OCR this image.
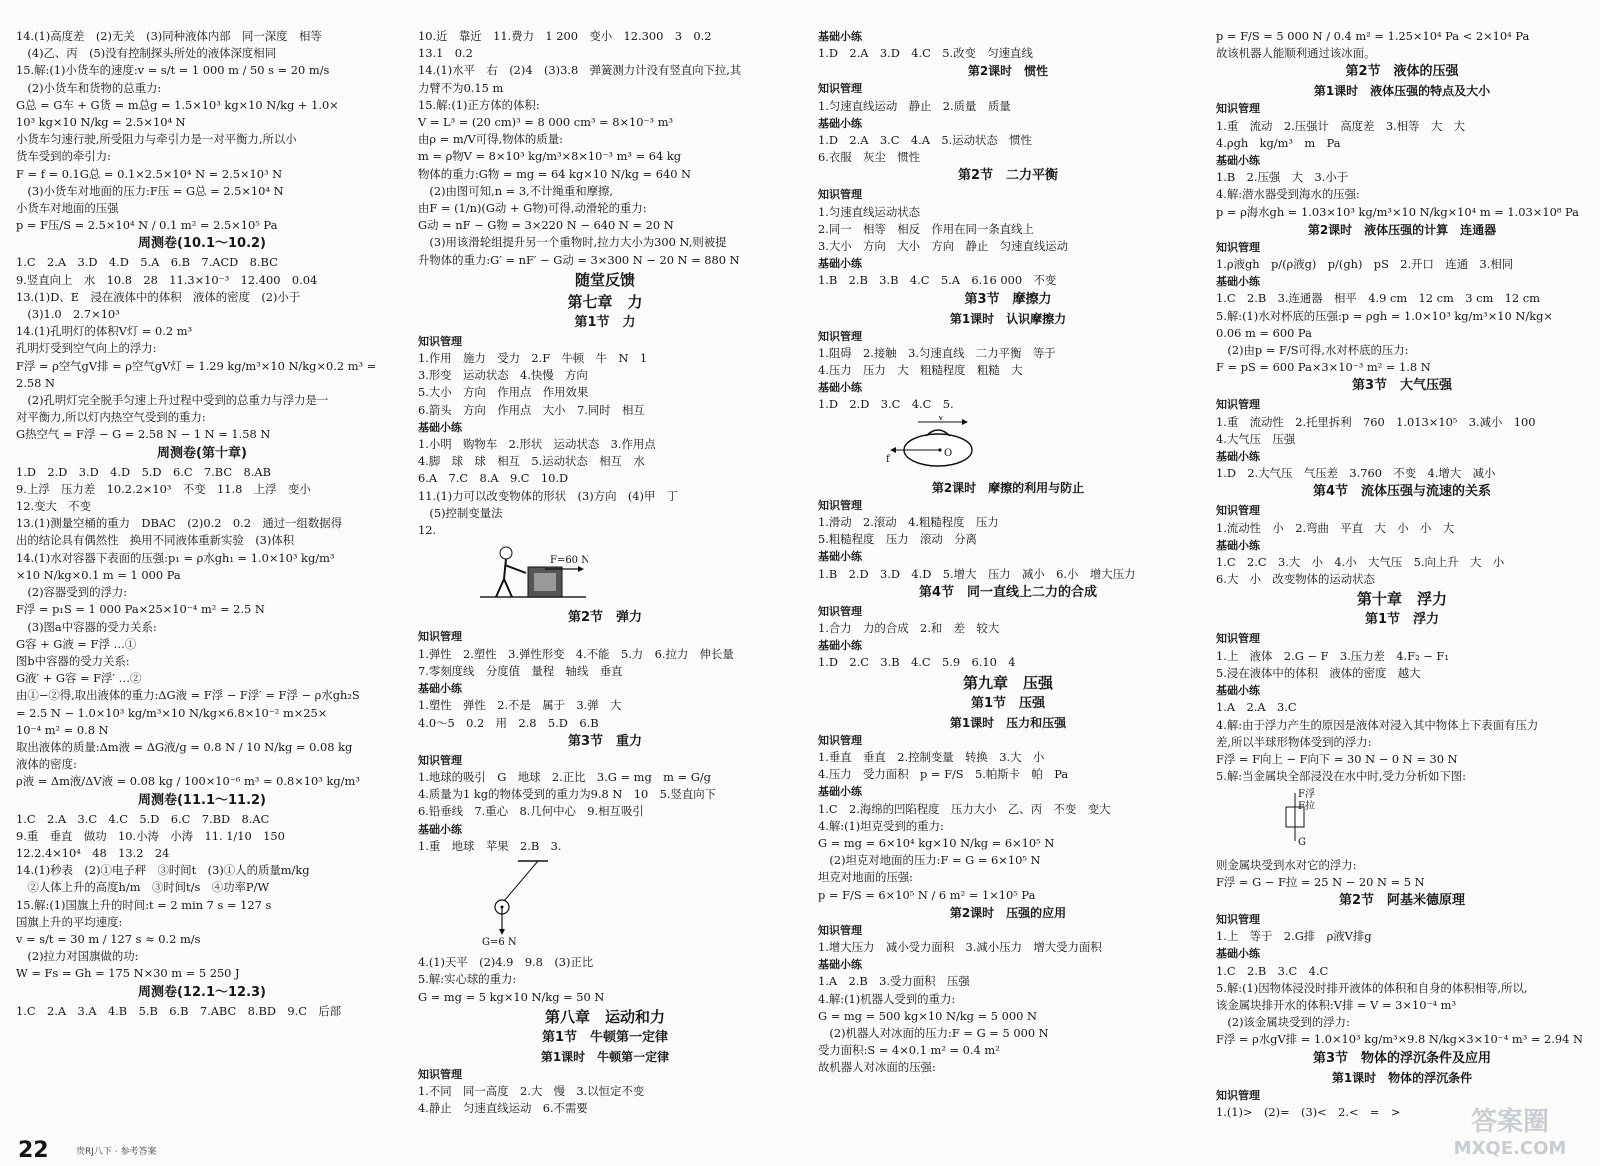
14.(1)高度差　(2)无关　(3)同种液体内部　同一深度　相等
　(4)乙、丙　(5)没有控制探头所处的液体深度相同
15.解:(1)小货车的速度:v = s/t = 1 000 m / 50 s = 20 m/s
　(2)小货车和货物的总重力:
G总 = G车 + G货 = m总g = 1.5×10³ kg×10 N/kg + 1.0×
10³ kg×10 N/kg = 2.5×10⁴ N
小货车匀速行驶,所受阻力与牵引力是一对平衡力,所以小
货车受到的牵引力:
F = f = 0.1G总 = 0.1×2.5×10⁴ N = 2.5×10³ N
　(3)小货车对地面的压力:F压 = G总 = 2.5×10⁴ N
小货车对地面的压强
p = F压/S = 2.5×10⁴ N / 0.1 m² = 2.5×10⁵ Pa
周测卷(10.1～10.2)
1.C　2.A　3.D　4.D　5.A　6.B　7.ACD　8.BC
9.竖直向上　水　10.8　28　11.3×10⁻³　12.400　0.04
13.(1)D、E　浸在液体中的体积　液体的密度　(2)小于
　(3)1.0　2.7×10³
14.(1)孔明灯的体积V灯 = 0.2 m³
孔明灯受到空气向上的浮力:
F浮 = ρ空气gV排 = ρ空气gV灯 = 1.29 kg/m³×10 N/kg×0.2 m³ =
2.58 N
　(2)孔明灯完全脱手匀速上升过程中受到的总重力与浮力是一
对平衡力,所以灯内热空气受到的重力:
G热空气 = F浮 − G = 2.58 N − 1 N = 1.58 N
周测卷(第十章)
1.D　2.D　3.D　4.D　5.D　6.C　7.BC　8.AB
9.上浮　压力差　10.2.2×10³　不变　11.8　上浮　变小
12.变大　不变
13.(1)测量空桶的重力　DBAC　(2)0.2　0.2　通过一组数据得
出的结论具有偶然性　换用不同液体重新实验　(3)体积
14.(1)水对容器下表面的压强:p₁ = ρ水gh₁ = 1.0×10³ kg/m³
×10 N/kg×0.1 m = 1 000 Pa
　(2)容器受到的浮力:
F浮 = p₁S = 1 000 Pa×25×10⁻⁴ m² = 2.5 N
　(3)图a中容器的受力关系:
G容 + G液 = F浮 …①
图b中容器的受力关系:
G液′ + G容 = F浮′ …②
由①−②得,取出液体的重力:ΔG液 = F浮 − F浮′ = F浮 − ρ水gh₂S
= 2.5 N − 1.0×10³ kg/m³×10 N/kg×6.8×10⁻² m×25×
10⁻⁴ m² = 0.8 N
取出液体的质量:Δm液 = ΔG液/g = 0.8 N / 10 N/kg = 0.08 kg
液体的密度:
ρ液 = Δm液/ΔV液 = 0.08 kg / 100×10⁻⁶ m³ = 0.8×10³ kg/m³
周测卷(11.1～11.2)
1.C　2.A　3.C　4.C　5.D　6.C　7.BD　8.AC
9.重　垂直　做功　10.小涛　小涛　11. 1/10　150
12.2.4×10⁴　48　13.2　24
14.(1)秒表　(2)①电子秤　③时间t　(3)①人的质量m/kg
　②人体上升的高度h/m　③时间t/s　④功率P/W
15.解:(1)国旗上升的时间:t = 2 min 7 s = 127 s
国旗上升的平均速度:
v = s/t = 30 m / 127 s ≈ 0.2 m/s
　(2)拉力对国旗做的功:
W = Fs = Gh = 175 N×30 m = 5 250 J
周测卷(12.1～12.3)
1.C　2.A　3.A　4.B　5.B　6.B　7.ABC　8.BD　9.C　后部
10.近　靠近　11.费力　1 200　变小　12.300　3　0.2
13.1　0.2
14.(1)水平　右　(2)4　(3)3.8　弹簧测力计没有竖直向下拉,其
力臂不为0.15 m
15.解:(1)正方体的体积:
V = L³ = (20 cm)³ = 8 000 cm³ = 8×10⁻³ m³
由ρ = m/V可得,物体的质量:
m = ρ物V = 8×10³ kg/m³×8×10⁻³ m³ = 64 kg
物体的重力:G物 = mg = 64 kg×10 N/kg = 640 N
　(2)由图可知,n = 3,不计绳重和摩擦,
由F = (1/n)(G动 + G物)可得,动滑轮的重力:
G动 = nF − G物 = 3×220 N − 640 N = 20 N
　(3)用该滑轮组提升另一个重物时,拉力大小为300 N,则被提
升物体的重力:G′ = nF′ − G动 = 3×300 N − 20 N = 880 N
随堂反馈
第七章　力
第1节　力
知识管理
1.作用　施力　受力　2.F　牛顿　牛　N　1
3.形变　运动状态　4.快慢　方向
5.大小　方向　作用点　作用效果
6.箭头　方向　作用点　大小　7.同时　相互
基础小练
1.小明　购物车　2.形状　运动状态　3.作用点
4.脚　球　球　相互　5.运动状态　相互　水
6.A　7.C　8.A　9.C　10.D
11.(1)力可以改变物体的形状　(3)方向　(4)甲　丁
　(5)控制变量法
12.
F=60 N
第2节　弹力
知识管理
1.弹性　2.塑性　3.弹性形变　4.不能　5.力　6.拉力　伸长量
7.零刻度线　分度值　量程　轴线　垂直
基础小练
1.塑性　弹性　2.不是　属于　3.弹　大
4.0～5　0.2　用　2.8　5.D　6.B
第3节　重力
知识管理
1.地球的吸引　G　地球　2.正比　3.G = mg　m = G/g
4.质量为1 kg的物体受到的重力为9.8 N　10　5.竖直向下
6.铅垂线　7.重心　8.几何中心　9.相互吸引
基础小练
1.重　地球　苹果　2.B　3.
G=6 N
4.(1)天平　(2)4.9　9.8　(3)正比
5.解:实心球的重力:
G = mg = 5 kg×10 N/kg = 50 N
第八章　运动和力
第1节　牛顿第一定律
第1课时　牛顿第一定律
知识管理
1.不同　同一高度　2.大　慢　3.以恒定不变
4.静止　匀速直线运动　6.不需要
基础小练
1.D　2.A　3.D　4.C　5.改变　匀速直线
第2课时　惯性
知识管理
1.匀速直线运动　静止　2.质量　质量
基础小练
1.D　2.A　3.C　4.A　5.运动状态　惯性
6.衣服　灰尘　惯性
第2节　二力平衡
知识管理
1.匀速直线运动状态
2.同一　相等　相反　作用在同一条直线上
3.大小　方向　大小　方向　静止　匀速直线运动
基础小练
1.B　2.B　3.B　4.C　5.A　6.16 000　不变
第3节　摩擦力
第1课时　认识摩擦力
知识管理
1.阻碍　2.接触　3.匀速直线　二力平衡　等于
4.压力　压力　大　粗糙程度　粗糙　大
基础小练
1.D　2.D　3.C　4.C　5.
v
f
O
第2课时　摩擦的利用与防止
知识管理
1.滑动　2.滚动　4.粗糙程度　压力
5.粗糙程度　压力　滚动　分离
基础小练
1.B　2.D　3.D　4.D　5.增大　压力　减小　6.小　增大压力
第4节　同一直线上二力的合成
知识管理
1.合力　力的合成　2.和　差　较大
基础小练
1.D　2.C　3.B　4.C　5.9　6.10　4
第九章　压强
第1节　压强
第1课时　压力和压强
知识管理
1.垂直　垂直　2.控制变量　转换　3.大　小
4.压力　受力面积　p = F/S　5.帕斯卡　帕　Pa
基础小练
1.C　2.海绵的凹陷程度　压力大小　乙、丙　不变　变大
4.解:(1)坦克受到的重力:
G = mg = 6×10⁴ kg×10 N/kg = 6×10⁵ N
　(2)坦克对地面的压力:F = G = 6×10⁵ N
坦克对地面的压强:
p = F/S = 6×10⁵ N / 6 m² = 1×10⁵ Pa
第2课时　压强的应用
知识管理
1.增大压力　减小受力面积　3.减小压力　增大受力面积
基础小练
1.A　2.B　3.受力面积　压强
4.解:(1)机器人受到的重力:
G = mg = 500 kg×10 N/kg = 5 000 N
　(2)机器人对冰面的压力:F = G = 5 000 N
受力面积:S = 4×0.1 m² = 0.4 m²
故机器人对冰面的压强:
p = F/S = 5 000 N / 0.4 m² = 1.25×10⁴ Pa < 2×10⁴ Pa
故该机器人能顺利通过该冰面。
第2节　液体的压强
第1课时　液体压强的特点及大小
知识管理
1.重　流动　2.压强计　高度差　3.相等　大　大
4.ρgh　kg/m³　m　Pa
基础小练
1.B　2.压强　大　3.小于
4.解:潜水器受到海水的压强:
p = ρ海水gh = 1.03×10³ kg/m³×10 N/kg×10⁴ m = 1.03×10⁸ Pa
第2课时　液体压强的计算　连通器
知识管理
1.ρ液gh　p/(ρ液g)　p/(gh)　pS　2.开口　连通　3.相同
基础小练
1.C　2.B　3.连通器　相平　4.9 cm　12 cm　3 cm　12 cm
5.解:(1)水对杯底的压强:p = ρgh = 1.0×10³ kg/m³×10 N/kg×
0.06 m = 600 Pa
　(2)由p = F/S可得,水对杯底的压力:
F = pS = 600 Pa×3×10⁻³ m² = 1.8 N
第3节　大气压强
知识管理
1.重　流动性　2.托里拆利　760　1.013×10⁵　3.减小　100
4.大气压　压强
基础小练
1.D　2.大气压　气压差　3.760　不变　4.增大　减小
第4节　流体压强与流速的关系
知识管理
1.流动性　小　2.弯曲　平直　大　小　小　大
基础小练
1.C　2.C　3.大　小　4.小　大气压　5.向上升　大　小
6.大　小　改变物体的运动状态
第十章　浮力
第1节　浮力
知识管理
1.上　液体　2.G − F　3.压力差　4.F₂ − F₁
5.浸在液体中的体积　液体的密度　越大
基础小练
1.A　2.A　3.C
4.解:由于浮力产生的原因是液体对浸入其中物体上下表面有压力
差,所以半球形物体受到的浮力:
F浮 = F向上 − F向下 = 30 N − 0 N = 30 N
5.解:当金属块全部浸没在水中时,受力分析如下图:
F浮
F拉
G
则金属块受到水对它的浮力:
F浮 = G − F拉 = 25 N − 20 N = 5 N
第2节　阿基米德原理
知识管理
1.上　等于　2.G排　ρ液V排g
基础小练
1.C　2.B　3.C　4.C
5.解:(1)因物体浸没时排开液体的体积和自身的体积相等,所以,
该金属块排开水的体积:V排 = V = 3×10⁻⁴ m³
　(2)该金属块受到的浮力:
F浮 = ρ水gV排 = 1.0×10³ kg/m³×9.8 N/kg×3×10⁻⁴ m³ = 2.94 N
第3节　物体的浮沉条件及应用
第1课时　物体的浮沉条件
知识管理
1.(1)>　(2)=　(3)<　2.<　=　>
22	贵RJ八下 · 参考答案
答案圈
MXQE.COM
